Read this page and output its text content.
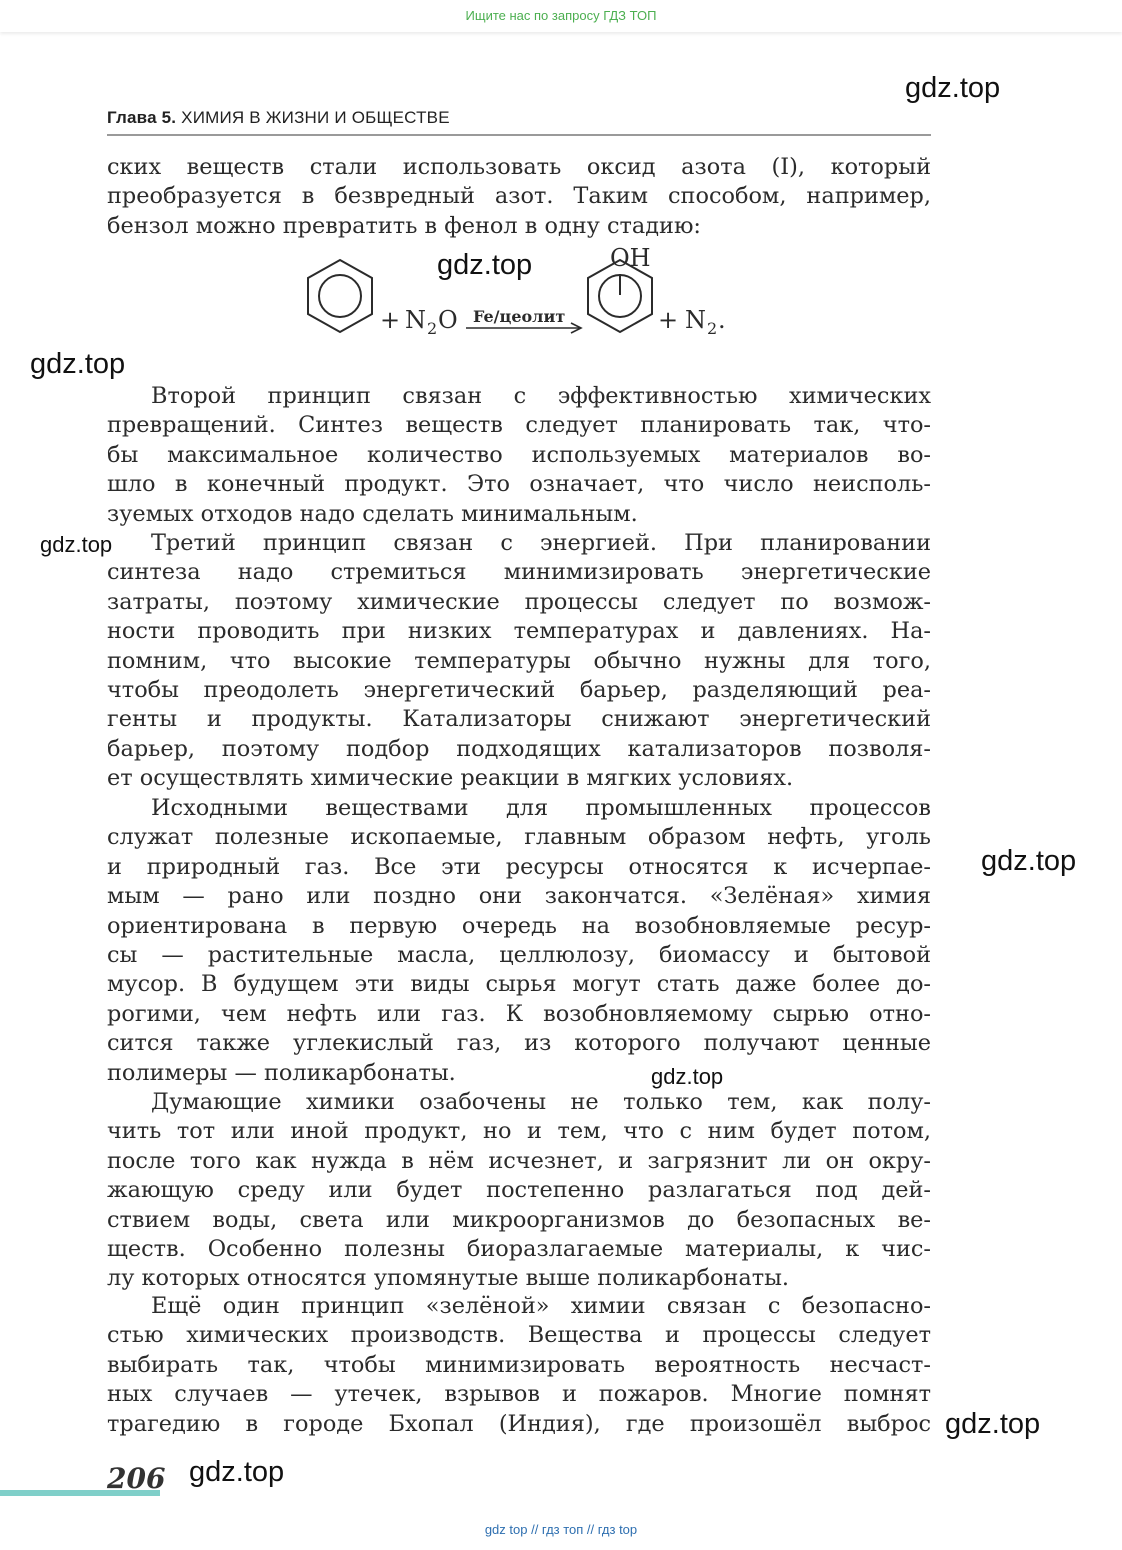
Ищите нас по запросу ГДЗ ТОП
Глава 5. ХИМИЯ В ЖИЗНИ И ОБЩЕСТВЕ
ских веществ стали использовать оксид азота (I), который
преобразуется в безвредный азот. Таким способом, например,
бензол можно превратить в фенол в одну стадию:
+ N 2 O Fe/цеолит
OH
+ N 2 .
Второй принцип связан с эффективностью химических
превращений. Синтез веществ следует планировать так, что-
бы максимальное количество используемых материалов во-
шло в конечный продукт. Это означает, что число неисполь-
зуемых отходов надо сделать минимальным.
Третий принцип связан с энергией. При планировании
синтеза надо стремиться минимизировать энергетические
затраты, поэтому химические процессы следует по возмож-
ности проводить при низких температурах и давлениях. На-
помним, что высокие температуры обычно нужны для того,
чтобы преодолеть энергетический барьер, разделяющий реа-
генты и продукты. Катализаторы снижают энергетический
барьер, поэтому подбор подходящих катализаторов позволя-
ет осуществлять химические реакции в мягких условиях.
Исходными веществами для промышленных процессов
служат полезные ископаемые, главным образом нефть, уголь
и природный газ. Все эти ресурсы относятся к исчерпае-
мым — рано или поздно они закончатся. «Зелёная» химия
ориентирована в первую очередь на возобновляемые ресур-
сы — растительные масла, целлюлозу, биомассу и бытовой
мусор. В будущем эти виды сырья могут стать даже более до-
рогими, чем нефть или газ. К возобновляемому сырью отно-
сится также углекислый газ, из которого получают ценные
полимеры — поликарбонаты.
Думающие химики озабочены не только тем, как полу-
чить тот или иной продукт, но и тем, что с ним будет потом,
после того как нужда в нём исчезнет, и загрязнит ли он окру-
жающую среду или будет постепенно разлагаться под дей-
ствием воды, света или микроорганизмов до безопасных ве-
ществ. Особенно полезны биоразлагаемые материалы, к чис-
лу которых относятся упомянутые выше поликарбонаты.
Ещё один принцип «зелёной» химии связан с безопасно-
стью химических производств. Вещества и процессы следует
выбирать так, чтобы минимизировать вероятность несчаст-
ных случаев — утечек, взрывов и пожаров. Многие помнят
трагедию в городе Бхопал (Индия), где произошёл выброс
gdz.top
gdz.top
gdz.top
gdz.top
gdz.top
gdz.top
gdz.top
gdz.top
206
gdz top // гдз топ // гдз top
